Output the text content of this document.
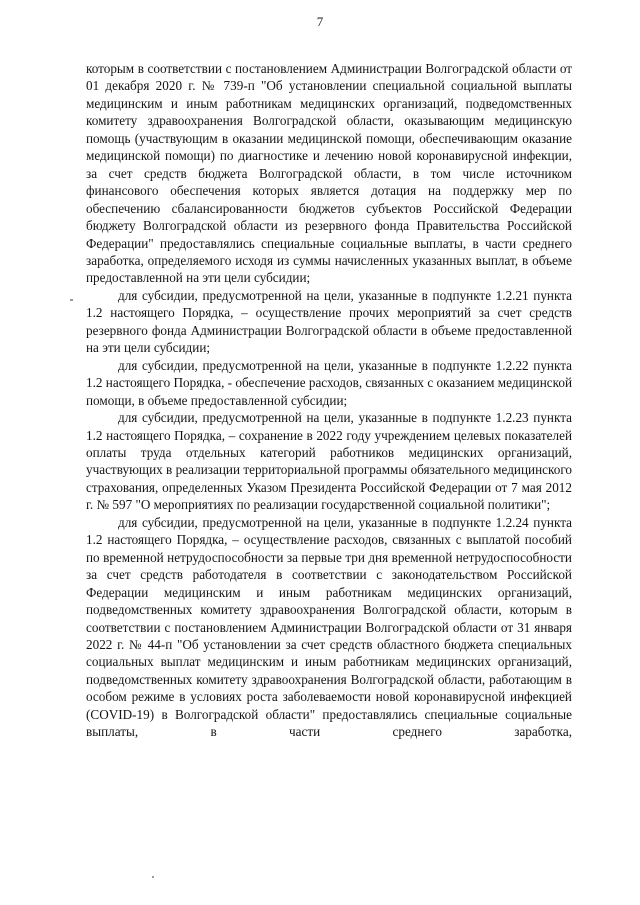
7

которым в соответствии с постановлением Администрации Волгоградской области от 01 декабря 2020 г. № 739-п "Об установлении специальной социальной выплаты медицинским и иным работникам медицинских организаций, подведомственных комитету здравоохранения Волгоградской области, оказывающим медицинскую помощь (участвующим в оказании медицинской помощи, обеспечивающим оказание медицинской помощи) по диагностике и лечению новой коронавирусной инфекции, за счет средств бюджета Волгоградской области, в том числе источником финансового обеспечения которых является дотация на поддержку мер по обеспечению сбалансированности бюджетов субъектов Российской Федерации бюджету Волгоградской области из резервного фонда Правительства Российской Федерации" предоставлялись специальные социальные выплаты, в части среднего заработка, определяемого исходя из суммы начисленных указанных выплат, в объеме предоставленной на эти цели субсидии;

для субсидии, предусмотренной на цели, указанные в подпункте 1.2.21 пункта 1.2 настоящего Порядка, – осуществление прочих мероприятий за счет средств резервного фонда Администрации Волгоградской области в объеме предоставленной на эти цели субсидии;

для субсидии, предусмотренной на цели, указанные в подпункте 1.2.22 пункта 1.2 настоящего Порядка, - обеспечение расходов, связанных с оказанием медицинской помощи, в объеме предоставленной субсидии;

для субсидии, предусмотренной на цели, указанные в подпункте 1.2.23 пункта 1.2 настоящего Порядка, – сохранение в 2022 году учреждением целевых показателей оплаты труда отдельных категорий работников медицинских организаций, участвующих в реализации территориальной программы обязательного медицинского страхования, определенных Указом Президента Российской Федерации от 7 мая 2012 г. № 597 "О мероприятиях по реализации государственной социальной политики";

для субсидии, предусмотренной на цели, указанные в подпункте 1.2.24 пункта 1.2 настоящего Порядка, – осуществление расходов, связанных с выплатой пособий по временной нетрудоспособности за первые три дня временной нетрудоспособности за счет средств работодателя в соответствии с законодательством Российской Федерации медицинским и иным работникам медицинских организаций, подведомственных комитету здравоохранения Волгоградской области, которым в соответствии с постановлением Администрации Волгоградской области от 31 января 2022 г. № 44-п "Об установлении за счет средств областного бюджета специальных социальных выплат медицинским и иным работникам медицинских организаций, подведомственных комитету здравоохранения Волгоградской области, работающим в особом режиме в условиях роста заболеваемости новой коронавирусной инфекцией (COVID-19) в Волгоградской области" предоставлялись специальные социальные выплаты, в части среднего заработка,
